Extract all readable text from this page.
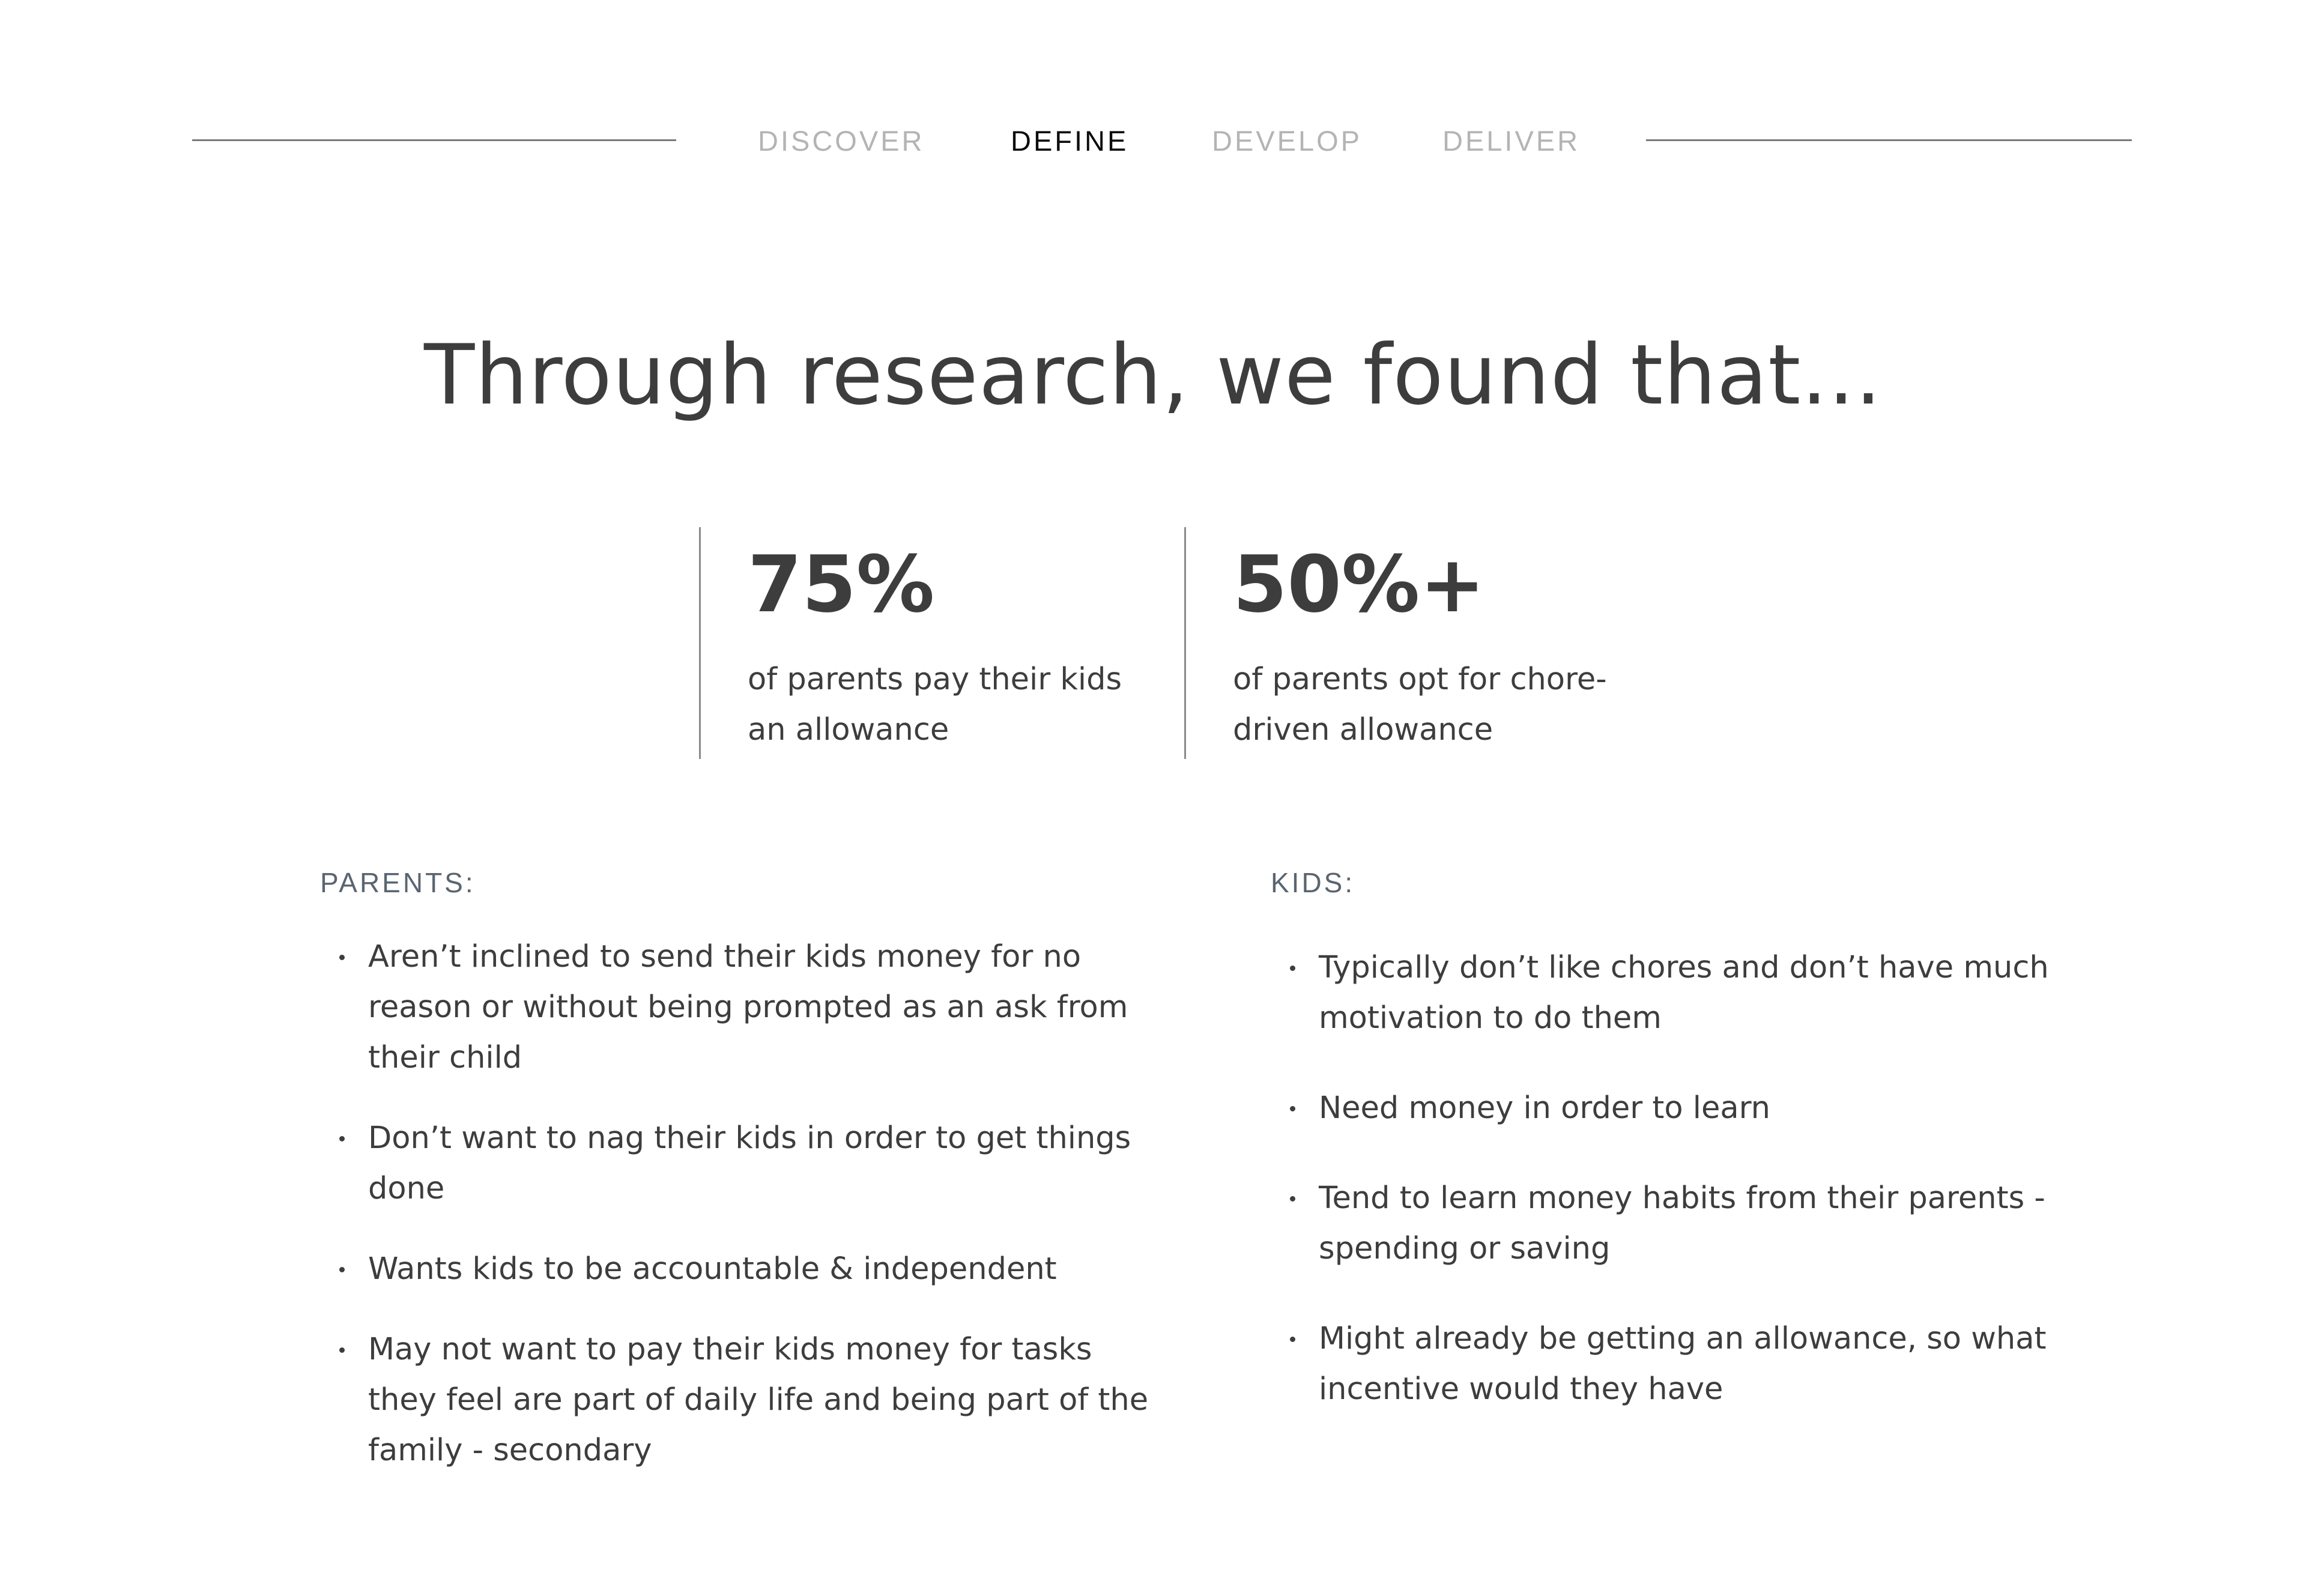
DISCOVER	DEFINE	DEVELOP	DELIVER
Through research, we found that...
75%
of parents pay their kids an allowance
50%+
of parents opt for chore-driven allowance
PARENTS:
Aren’t inclined to send their kids money for no reason or without being prompted as an ask from their child
Don’t want to nag their kids in order to get things done
Wants kids to be accountable & independent
May not want to pay their kids money for tasks they feel are part of daily life and being part of the family - secondary
KIDS:
Typically don’t like chores and don’t have much motivation to do them
Need money in order to learn
Tend to learn money habits from their parents - spending or saving
Might already be getting an allowance, so what incentive would they have
